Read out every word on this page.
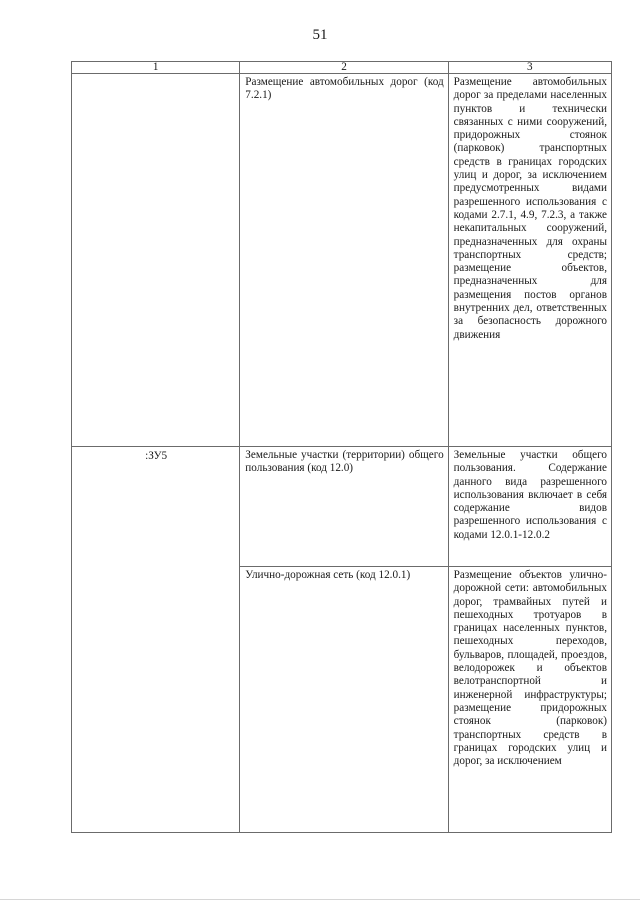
51
1	2	3
	Размещение автомобильных дорог (код 7.2.1)	Размещение автомобильных дорог за пределами населенных пунктов и технически связанных с ними сооружений, придорожных стоянок (парковок) транспортных средств в границах городских улиц и дорог, за исключением предусмотренных видами разрешенного использования с кодами 2.7.1, 4.9, 7.2.3, а также некапитальных сооружений, предназначенных для охраны транспортных средств; размещение объектов, предназначенных для размещения постов органов внутренних дел, ответственных за безопасность дорожного движения
:ЗУ5	Земельные участки (территории) общего пользования (код 12.0)	Земельные участки общего пользования. Содержание данного вида разрешенного использования включает в себя содержание видов разрешенного использования с кодами 12.0.1-12.0.2
	Улично-дорожная сеть (код 12.0.1)	Размещение объектов улично-дорожной сети: автомобильных дорог, трамвайных путей и пешеходных тротуаров в границах населенных пунктов, пешеходных переходов, бульваров, площадей, проездов, велодорожек и объектов велотранспортной и инженерной инфраструктуры; размещение придорожных стоянок (парковок) транспортных средств в границах городских улиц и дорог, за исключением
